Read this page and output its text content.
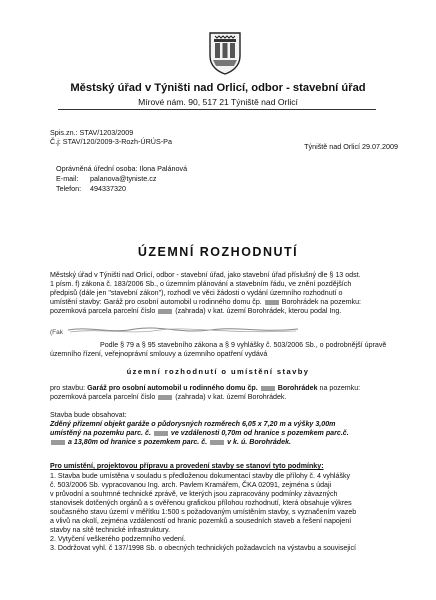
Městský úřad v Týništi nad Orlicí, odbor - stavební úřad
Mírové nám. 90, 517 21 Týniště nad Orlicí
Spis.zn.: STAV/1203/2009
Č.j: STAV/120/2009-3-Rozh-ÚRÚS-Pa
Týniště nad Orlicí 29.07.2009
Oprávněná úřední osoba: Ilona Palánová
E-mail: palanova@tyniste.cz
Telefon: 494337320
ÚZEMNÍ ROZHODNUTÍ
Městský úřad v Týništi nad Orlicí, odbor - stavební úřad, jako stavební úřad příslušný dle § 13 odst.
1 písm. f) zákona č. 183/2006 Sb., o územním plánování a stavebním řádu, ve znění pozdějších
předpisů (dále jen "stavební zákon"), rozhodl ve věci žádosti o vydání územního rozhodnutí o
umístění stavby: Garáž pro osobní automobil u rodinného domu čp.	Borohrádek na pozemku:
pozemková parcela parcelní číslo	(zahrada) v kat. území Borohrádek, kterou podal Ing.
(Fak
Podle § 79 a § 95 stavebního zákona a § 9 vyhlášky č. 503/2006 Sb., o podrobnější úpravě
územního řízení, veřejnoprávní smlouvy a územního opatření vydává
územní rozhodnutí o umístění stavby
pro stavbu: Garáž pro osobní automobil u rodinného domu čp.	Borohrádek na pozemku:
pozemková parcela parcelní číslo	(zahrada) v kat. území Borohrádek.
Stavba bude obsahovat:
Zděný přízemní objekt garáže o půdorysných rozměrech 6,05 x 7,20 m a výšky 3,00m
umístěný na pozemku parc. č.	ve vzdálenosti 0,70m od hranice s pozemkem parc.č.
a 13,80m od hranice s pozemkem parc. č.	v k. ú. Borohrádek.
Pro umístění, projektovou přípravu a provedení stavby se stanoví tyto podmínky:
1. Stavba bude umístěna v souladu s předloženou dokumentací stavby dle přílohy č. 4 vyhlášky
č. 503/2006 Sb. vypracovanou Ing. arch. Pavlem Kramářem, ČKA 02091, zejména s údaji
v průvodní a souhrnné technické zprávě, ve kterých jsou zapracovány podmínky závazných
stanovisek dotčených orgánů a s ověřenou grafickou přílohou rozhodnutí, která obsahuje výkres
současného stavu území v měřítku 1:500 s požadovaným umístěním stavby, s vyznačením vazeb
a vlivů na okolí, zejména vzdáleností od hranic pozemků a sousedních staveb a řešení napojení
stavby na sítě technické infrastruktury.
2. Vytyčení veškerého podzemního vedení.
3. Dodržovat vyhl. č 137/1998 Sb. o obecných technických požadavcích na výstavbu a souvisejicí
